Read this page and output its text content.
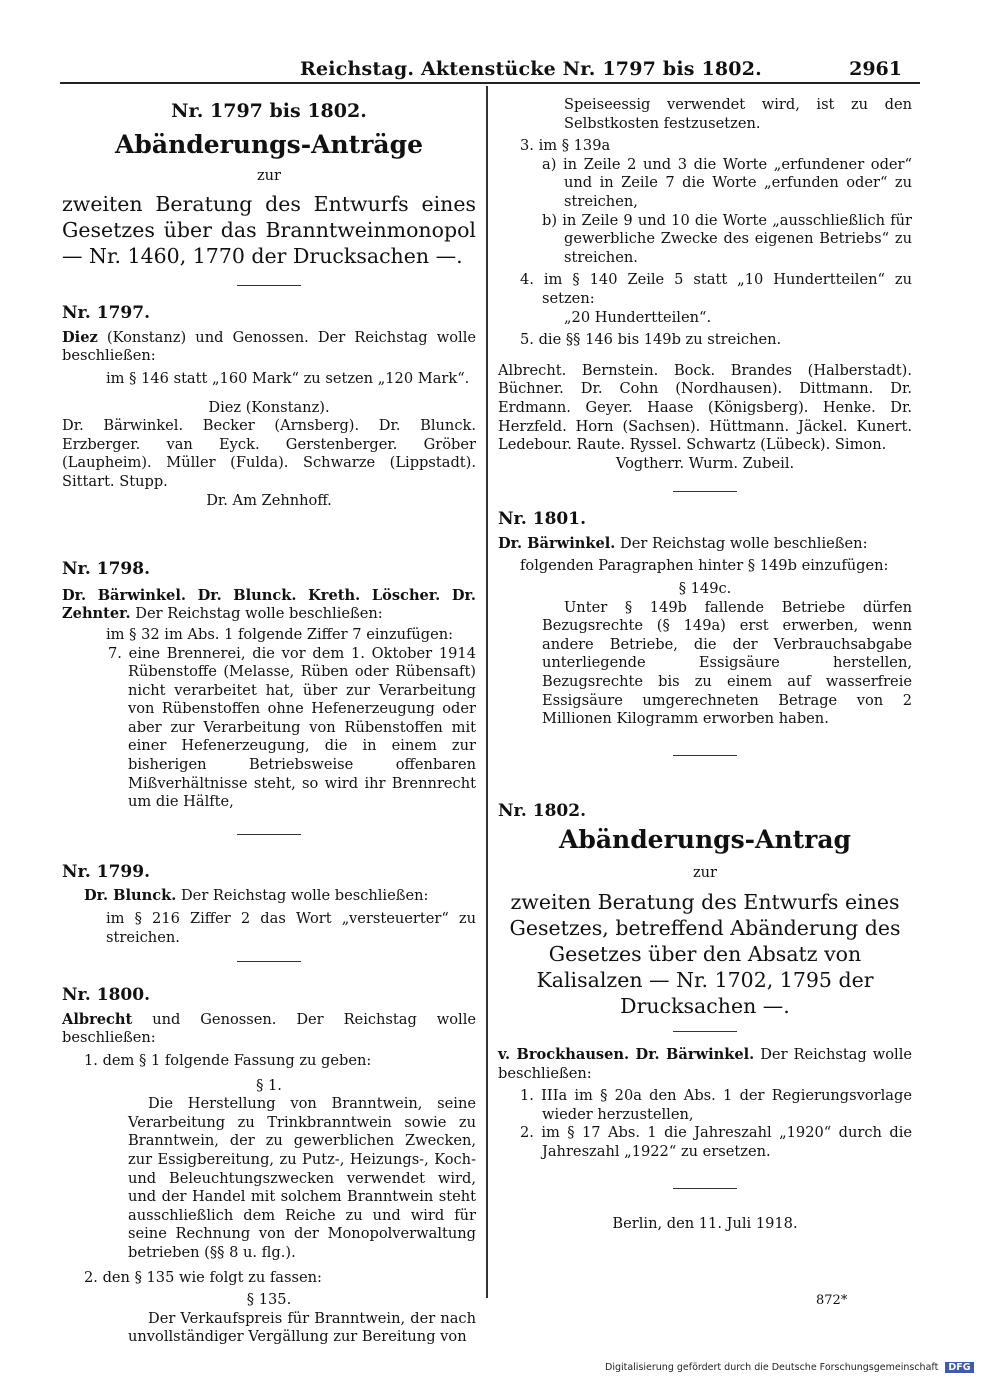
Reichstag. Aktenstücke Nr. 1797 bis 1802.	2961

Nr. 1797 bis 1802.

Abänderungs-Anträge

zur

zweiten Beratung des Entwurfs eines Gesetzes über das Branntweinmonopol — Nr. 1460, 1770 der Drucksachen —.

Nr. 1797.

Diez (Konstanz) und Genossen. Der Reichstag wolle beschließen:

im § 146 statt „160 Mark“ zu setzen „120 Mark“.

Diez (Konstanz).

Dr. Bärwinkel. Becker (Arnsberg). Dr. Blunck. Erzberger. van Eyck. Gerstenberger. Gröber (Laupheim). Müller (Fulda). Schwarze (Lippstadt). Sittart. Stupp.

Dr. Am Zehnhoff.

Nr. 1798.

Dr. Bärwinkel. Dr. Blunck. Kreth. Löscher. Dr. Zehnter. Der Reichstag wolle beschließen:

im § 32 im Abs. 1 folgende Ziffer 7 einzufügen:

7. eine Brennerei, die vor dem 1. Oktober 1914 Rübenstoffe (Melasse, Rüben oder Rübensaft) nicht verarbeitet hat, über zur Verarbeitung von Rübenstoffen ohne Hefenerzeugung oder aber zur Verarbeitung von Rübenstoffen mit einer Hefenerzeugung, die in einem zur bisherigen Betriebsweise offenbaren Mißverhältnisse steht, so wird ihr Brennrecht um die Hälfte,

Nr. 1799.

Dr. Blunck. Der Reichstag wolle beschließen:

im § 216 Ziffer 2 das Wort „versteuerter“ zu streichen.

Nr. 1800.

Albrecht und Genossen. Der Reichstag wolle beschließen:

1. dem § 1 folgende Fassung zu geben:

§ 1.

Die Herstellung von Branntwein, seine Verarbeitung zu Trinkbranntwein sowie zu Branntwein, der zu gewerblichen Zwecken, zur Essigbereitung, zu Putz-, Heizungs-, Koch- und Beleuchtungszwecken verwendet wird, und der Handel mit solchem Branntwein steht ausschließlich dem Reiche zu und wird für seine Rechnung von der Monopolverwaltung betrieben (§§ 8 u. flg.).

2. den § 135 wie folgt zu fassen:

§ 135.

Der Verkaufspreis für Branntwein, der nach unvollständiger Vergällung zur Bereitung von

Speiseessig verwendet wird, ist zu den Selbstkosten festzusetzen.

3. im § 139a

a) in Zeile 2 und 3 die Worte „erfundener oder“ und in Zeile 7 die Worte „erfunden oder“ zu streichen,

b) in Zeile 9 und 10 die Worte „ausschließlich für gewerbliche Zwecke des eigenen Betriebs“ zu streichen.

4. im § 140 Zeile 5 statt „10 Hundertteilen“ zu setzen:

„20 Hundertteilen“.

5. die §§ 146 bis 149b zu streichen.

Albrecht. Bernstein. Bock. Brandes (Halberstadt). Büchner. Dr. Cohn (Nordhausen). Dittmann. Dr. Erdmann. Geyer. Haase (Königsberg). Henke. Dr. Herzfeld. Horn (Sachsen). Hüttmann. Jäckel. Kunert. Ledebour. Raute. Ryssel. Schwartz (Lübeck). Simon.

Vogtherr. Wurm. Zubeil.

Nr. 1801.

Dr. Bärwinkel. Der Reichstag wolle beschließen:

folgenden Paragraphen hinter § 149b einzufügen:

§ 149c.

Unter § 149b fallende Betriebe dürfen Bezugsrechte (§ 149a) erst erwerben, wenn andere Betriebe, die der Verbrauchsabgabe unterliegende Essigsäure herstellen, Bezugsrechte bis zu einem auf wasserfreie Essigsäure umgerechneten Betrage von 2 Millionen Kilogramm erworben haben.

Nr. 1802.

Abänderungs-Antrag

zur

zweiten Beratung des Entwurfs eines Gesetzes, betreffend Abänderung des Gesetzes über den Absatz von Kalisalzen — Nr. 1702, 1795 der Drucksachen —.

v. Brockhausen. Dr. Bärwinkel. Der Reichstag wolle beschließen:

1. IIIa im § 20a den Abs. 1 der Regierungsvorlage wieder herzustellen,

2. im § 17 Abs. 1 die Jahreszahl „1920“ durch die Jahreszahl „1922“ zu ersetzen.

Berlin, den 11. Juli 1918.

872*
Digitalisierung gefördert durch die Deutsche Forschungsgemeinschaft DFG
